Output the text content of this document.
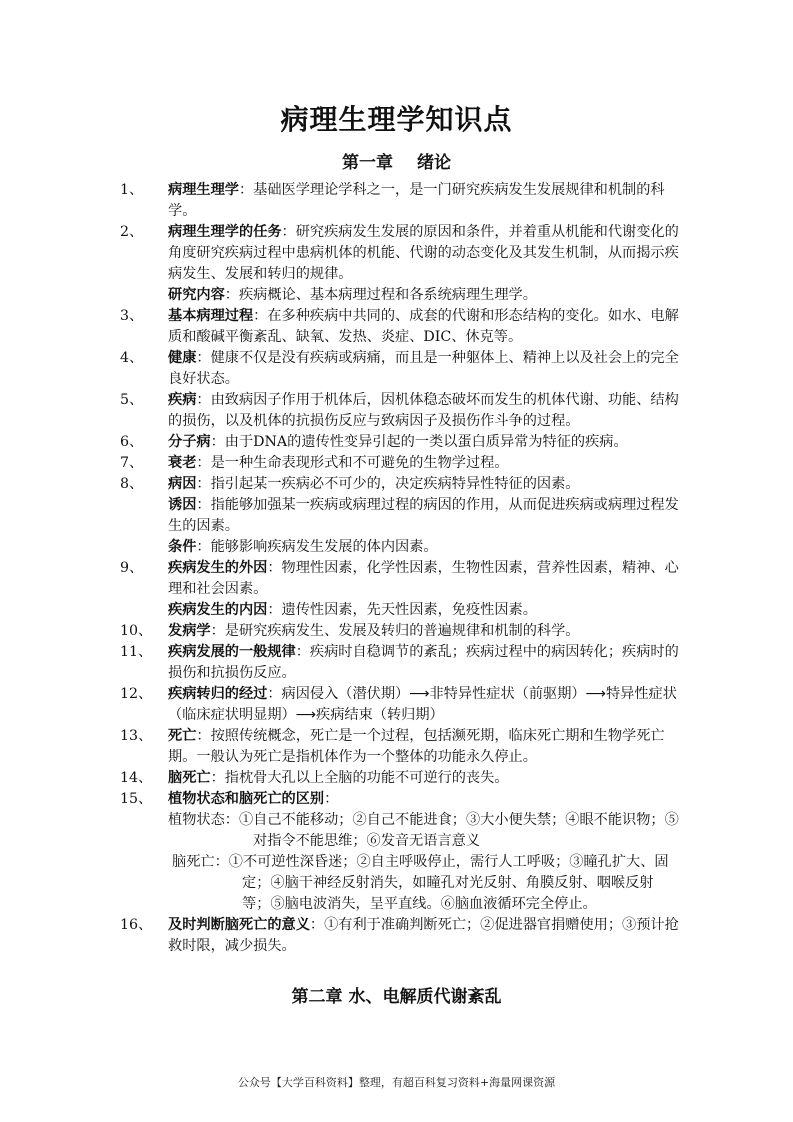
病理生理学知识点
第一章 绪论
1、 病理生理学：基础医学理论学科之一，是一门研究疾病发生发展规律和机制的科学。
2、 病理生理学的任务：研究疾病发生发展的原因和条件，并着重从机能和代谢变化的角度研究疾病过程中患病机体的机能、代谢的动态变化及其发生机制，从而揭示疾病发生、发展和转归的规律。
研究内容：疾病概论、基本病理过程和各系统病理生理学。
3、 基本病理过程：在多种疾病中共同的、成套的代谢和形态结构的变化。如水、电解质和酸碱平衡紊乱、缺氧、发热、炎症、DIC、休克等。
4、 健康：健康不仅是没有疾病或病痛，而且是一种躯体上、精神上以及社会上的完全良好状态。
5、 疾病：由致病因子作用于机体后，因机体稳态破坏而发生的机体代谢、功能、结构的损伤，以及机体的抗损伤反应与致病因子及损伤作斗争的过程。
6、 分子病：由于DNA的遗传性变异引起的一类以蛋白质异常为特征的疾病。
7、 衰老：是一种生命表现形式和不可避免的生物学过程。
8、 病因：指引起某一疾病必不可少的，决定疾病特异性特征的因素。
诱因：指能够加强某一疾病或病理过程的病因的作用，从而促进疾病或病理过程发生的因素。
条件：能够影响疾病发生发展的体内因素。
9、 疾病发生的外因：物理性因素，化学性因素，生物性因素，营养性因素，精神、心理和社会因素。
疾病发生的内因：遗传性因素，先天性因素，免疫性因素。
10、 发病学：是研究疾病发生、发展及转归的普遍规律和机制的科学。
11、 疾病发展的一般规律：疾病时自稳调节的紊乱；疾病过程中的病因转化；疾病时的损伤和抗损伤反应。
12、 疾病转归的经过：病因侵入（潜伏期）⟶非特异性症状（前驱期）⟶特异性症状（临床症状明显期）⟶疾病结束（转归期）
13、 死亡：按照传统概念，死亡是一个过程，包括濒死期，临床死亡期和生物学死亡期。一般认为死亡是指机体作为一个整体的功能永久停止。
14、 脑死亡：指枕骨大孔以上全脑的功能不可逆行的丧失。
15、 植物状态和脑死亡的区别：
植物状态：①自己不能移动；②自己不能进食；③大小便失禁；④眼不能识物；⑤对指令不能思维；⑥发音无语言意义
脑死亡：①不可逆性深昏迷；②自主呼吸停止，需行人工呼吸；③瞳孔扩大、固定；④脑干神经反射消失，如瞳孔对光反射、角膜反射、咽喉反射等；⑤脑电波消失，呈平直线。⑥脑血液循环完全停止。
16、 及时判断脑死亡的意义：①有利于准确判断死亡；②促进器官捐赠使用；③预计抢救时限，减少损失。
第二章 水、电解质代谢紊乱
公众号【大学百科资料】整理，有超百科复习资料+海量网课资源
